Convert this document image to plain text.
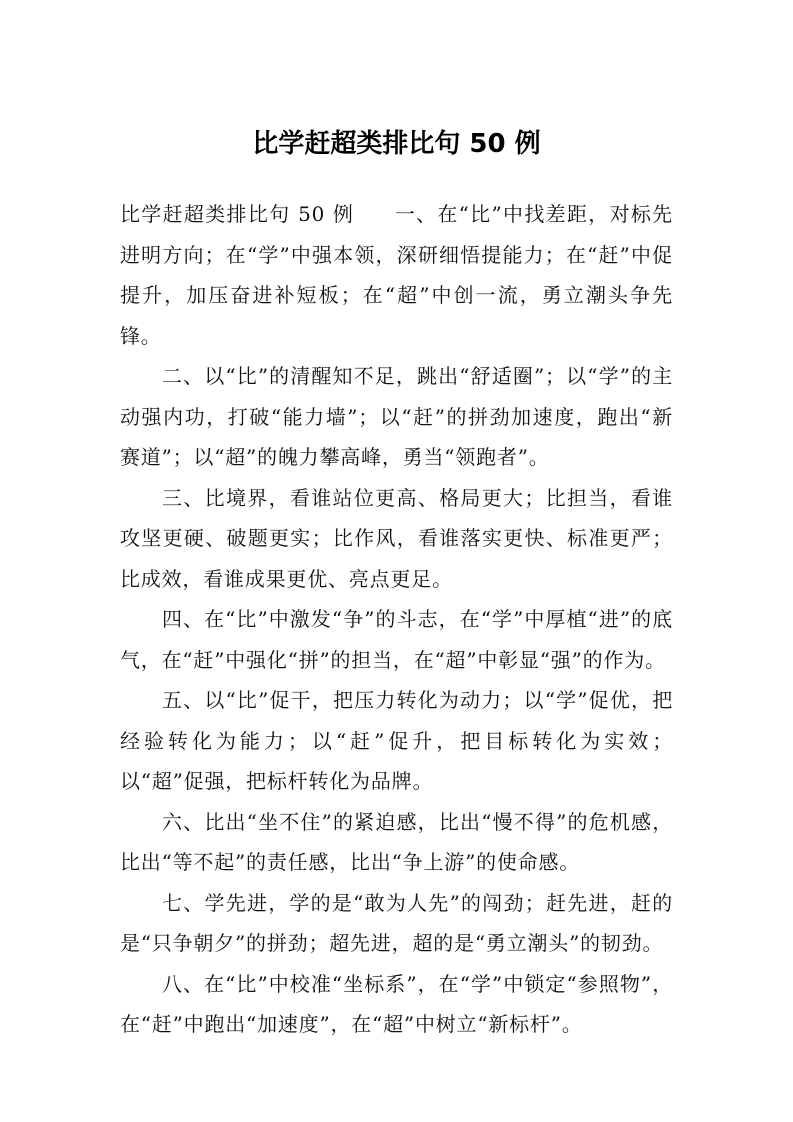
比学赶超类排比句 50 例

比学赶超类排比句 50 例 一、在“比”中找差距，对标先进明方向；在“学”中强本领，深研细悟提能力；在“赶”中促提升，加压奋进补短板；在“超”中创一流，勇立潮头争先锋。

二、以“比”的清醒知不足，跳出“舒适圈”；以“学”的主动强内功，打破“能力墙”；以“赶”的拼劲加速度，跑出“新赛道”；以“超”的魄力攀高峰，勇当“领跑者”。

三、比境界，看谁站位更高、格局更大；比担当，看谁攻坚更硬、破题更实；比作风，看谁落实更快、标准更严；比成效，看谁成果更优、亮点更足。

四、在“比”中激发“争”的斗志，在“学”中厚植“进”的底气，在“赶”中强化“拼”的担当，在“超”中彰显“强”的作为。

五、以“比”促干，把压力转化为动力；以“学”促优，把经验转化为能力；以“赶”促升，把目标转化为实效；以“超”促强，把标杆转化为品牌。

六、比出“坐不住”的紧迫感，比出“慢不得”的危机感，比出“等不起”的责任感，比出“争上游”的使命感。

七、学先进，学的是“敢为人先”的闯劲；赶先进，赶的是“只争朝夕”的拼劲；超先进，超的是“勇立潮头”的韧劲。

八、在“比”中校准“坐标系”，在“学”中锁定“参照物”，在“赶”中跑出“加速度”，在“超”中树立“新标杆”。
